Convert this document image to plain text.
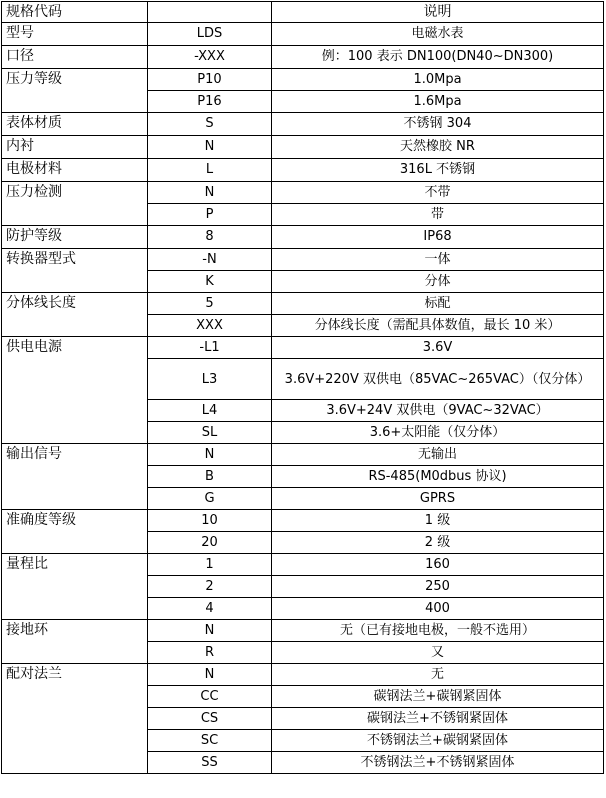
规格代码		说明
型号	LDS	电磁水表
口径	-XXX	例：100 表示 DN100(DN40~DN300)
压力等级	P10	1.0Mpa
	P16	1.6Mpa
表体材质	S	不锈钢 304
内衬	N	天然橡胶 NR
电极材料	L	316L 不锈钢
压力检测	N	不带
	P	带
防护等级	8	IP68
转换器型式	-N	一体
	K	分体
分体线长度	5	标配
	XXX	分体线长度（需配具体数值，最长 10 米）
供电电源	-L1	3.6V
	L3	3.6V+220V 双供电（85VAC~265VAC）（仅分体）
	L4	3.6V+24V 双供电（9VAC~32VAC）
	SL	3.6+太阳能（仅分体）
输出信号	N	无输出
	B	RS-485(M0dbus 协议)
	G	GPRS
准确度等级	10	1 级
	20	2 级
量程比	1	160
	2	250
	4	400
接地环	N	无（已有接地电极，一般不选用）
	R	又
配对法兰	N	无
	CC	碳钢法兰+碳钢紧固体
	CS	碳钢法兰+不锈钢紧固体
	SC	不锈钢法兰+碳钢紧固体
	SS	不锈钢法兰+不锈钢紧固体
